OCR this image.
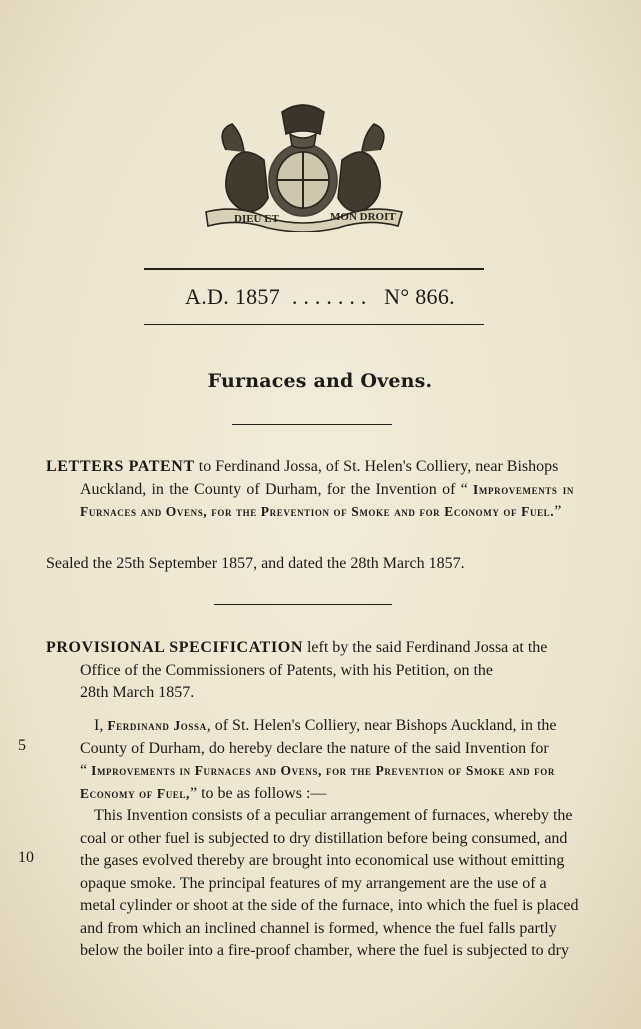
DIEU ET	MON DROIT
A.D. 1857 ....... N° 866.
Furnaces and Ovens.
LETTERS PATENT to Ferdinand Jossa, of St. Helen's Colliery, near Bishops
Auckland, in the County of Durham, for the Invention of “ Improvements in Furnaces and Ovens, for the Prevention of Smoke and for Economy of Fuel.”
Sealed the 25th September 1857, and dated the 28th March 1857.
PROVISIONAL SPECIFICATION left by the said Ferdinand Jossa at the
Office of the Commissioners of Patents, with his Petition, on the
28th March 1857.
5
10
I, Ferdinand Jossa, of St. Helen's Colliery, near Bishops Auckland, in the
County of Durham, do hereby declare the nature of the said Invention for
“ Improvements in Furnaces and Ovens, for the Prevention of Smoke and for
Economy of Fuel,” to be as follows :—
This Invention consists of a peculiar arrangement of furnaces, whereby the
coal or other fuel is subjected to dry distillation before being consumed, and
the gases evolved thereby are brought into economical use without emitting
opaque smoke. The principal features of my arrangement are the use of a
metal cylinder or shoot at the side of the furnace, into which the fuel is placed
and from which an inclined channel is formed, whence the fuel falls partly
below the boiler into a fire-proof chamber, where the fuel is subjected to dry
